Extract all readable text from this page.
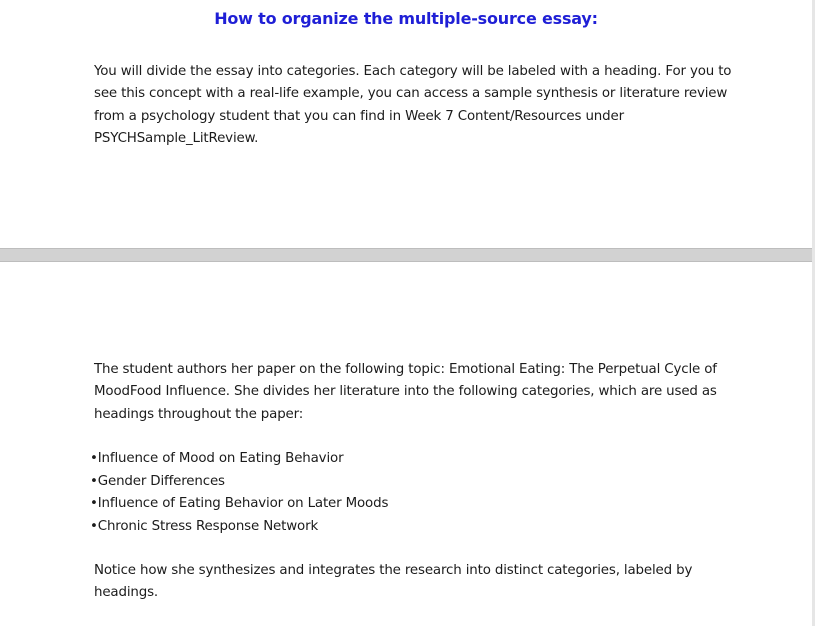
How to organize the multiple-source essay:

You will divide the essay into categories. Each category will be labeled with a heading. For you to see this concept with a real-life example, you can access a sample synthesis or literature review from a psychology student that you can find in Week 7 Content/Resources under PSYCHSample_LitReview.

The student authors her paper on the following topic: Emotional Eating: The Perpetual Cycle of MoodFood Influence. She divides her literature into the following categories, which are used as headings throughout the paper:

•Influence of Mood on Eating Behavior
•Gender Differences
•Influence of Eating Behavior on Later Moods
•Chronic Stress Response Network

Notice how she synthesizes and integrates the research into distinct categories, labeled by headings.
